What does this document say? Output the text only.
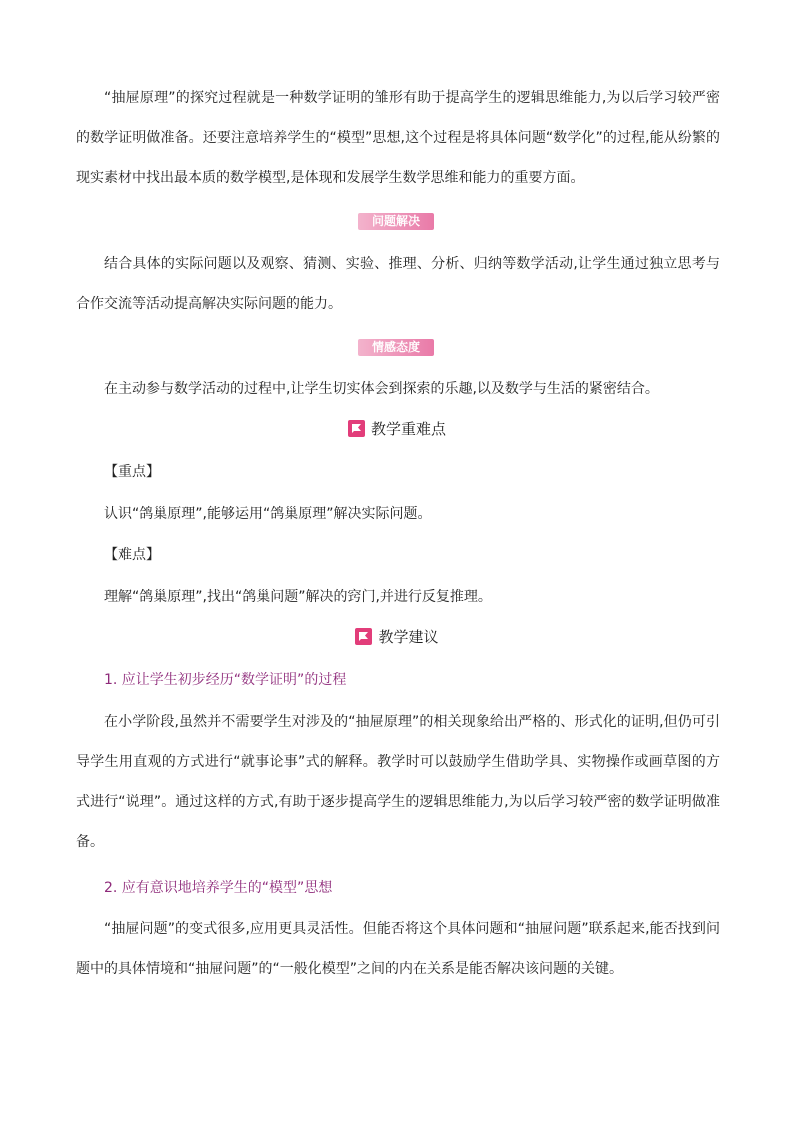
“抽屉原理”的探究过程就是一种数学证明的雏形有助于提高学生的逻辑思维能力,为以后学习较严密的数学证明做准备。还要注意培养学生的“模型”思想,这个过程是将具体问题“数学化”的过程,能从纷繁的现实素材中找出最本质的数学模型,是体现和发展学生数学思维和能力的重要方面。

问题解决

结合具体的实际问题以及观察、猜测、实验、推理、分析、归纳等数学活动,让学生通过独立思考与合作交流等活动提高解决实际问题的能力。

情感态度

在主动参与数学活动的过程中,让学生切实体会到探索的乐趣,以及数学与生活的紧密结合。

教学重难点
【重点】
认识“鸽巢原理”,能够运用“鸽巢原理”解决实际问题。
【难点】
理解“鸽巢原理”,找出“鸽巢问题”解决的窍门,并进行反复推理。
教学建议
1. 应让学生初步经历“数学证明”的过程

在小学阶段,虽然并不需要学生对涉及的“抽屉原理”的相关现象给出严格的、形式化的证明,但仍可引导学生用直观的方式进行“就事论事”式的解释。教学时可以鼓励学生借助学具、实物操作或画草图的方式进行“说理”。通过这样的方式,有助于逐步提高学生的逻辑思维能力,为以后学习较严密的数学证明做准备。

2. 应有意识地培养学生的“模型”思想

“抽屉问题”的变式很多,应用更具灵活性。但能否将这个具体问题和“抽屉问题”联系起来,能否找到问题中的具体情境和“抽屉问题”的“一般化模型”之间的内在关系是能否解决该问题的关键。
